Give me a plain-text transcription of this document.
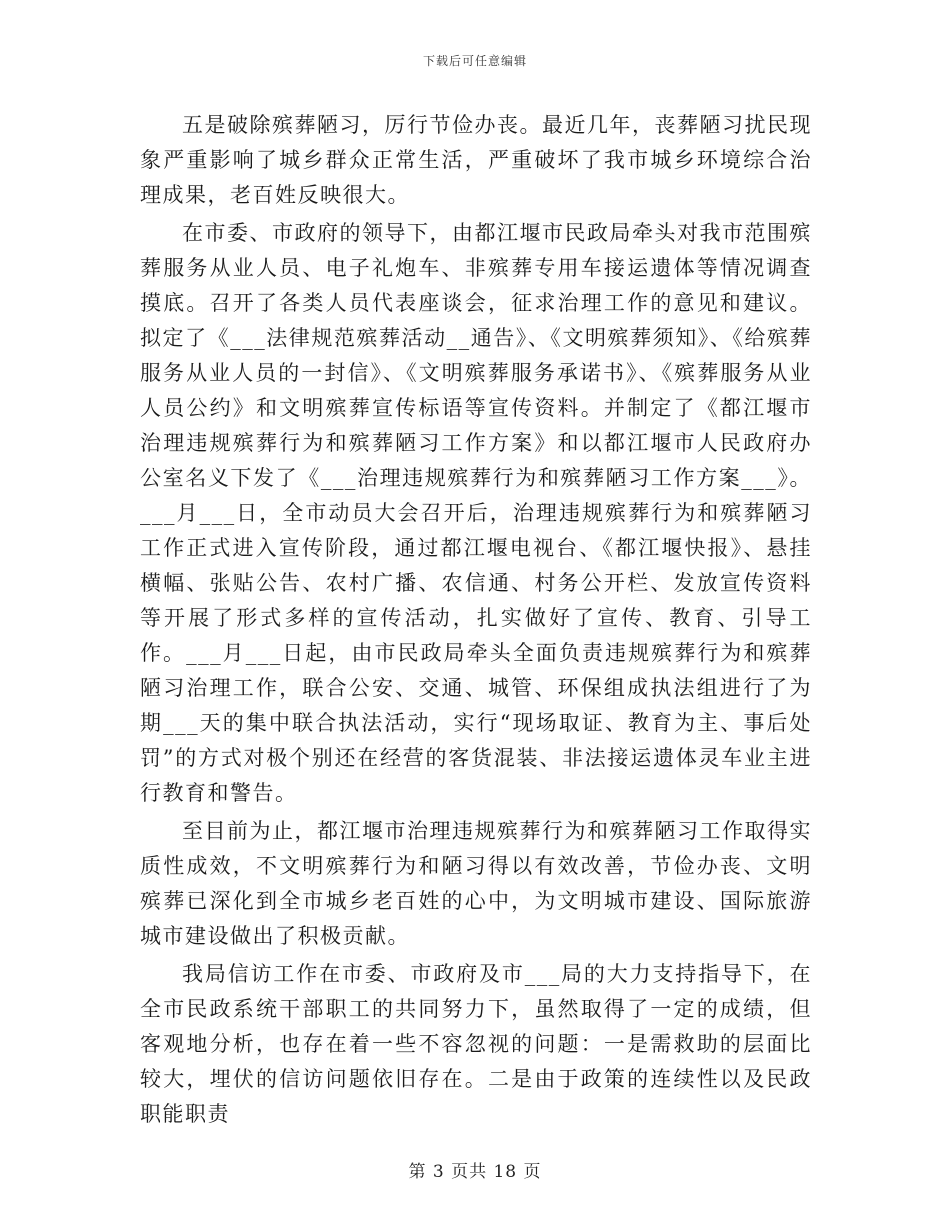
下载后可任意编辑

五是破除殡葬陋习，厉行节俭办丧。最近几年，丧葬陋习扰民现象严重影响了城乡群众正常生活，严重破坏了我市城乡环境综合治理成果，老百姓反映很大。

在市委、市政府的领导下，由都江堰市民政局牵头对我市范围殡葬服务从业人员、电子礼炮车、非殡葬专用车接运遗体等情况调查摸底。召开了各类人员代表座谈会，征求治理工作的意见和建议。拟定了《___法律规范殡葬活动__通告》、《文明殡葬须知》、《给殡葬服务从业人员的一封信》、《文明殡葬服务承诺书》、《殡葬服务从业人员公约》和文明殡葬宣传标语等宣传资料。并制定了《都江堰市治理违规殡葬行为和殡葬陋习工作方案》和以都江堰市人民政府办公室名义下发了《___治理违规殡葬行为和殡葬陋习工作方案___》。___月___日，全市动员大会召开后，治理违规殡葬行为和殡葬陋习工作正式进入宣传阶段，通过都江堰电视台、《都江堰快报》、悬挂横幅、张贴公告、农村广播、农信通、村务公开栏、发放宣传资料等开展了形式多样的宣传活动，扎实做好了宣传、教育、引导工作。___月___日起，由市民政局牵头全面负责违规殡葬行为和殡葬陋习治理工作，联合公安、交通、城管、环保组成执法组进行了为期___天的集中联合执法活动，实行“现场取证、教育为主、事后处罚”的方式对极个别还在经营的客货混装、非法接运遗体灵车业主进行教育和警告。

至目前为止，都江堰市治理违规殡葬行为和殡葬陋习工作取得实质性成效，不文明殡葬行为和陋习得以有效改善，节俭办丧、文明殡葬已深化到全市城乡老百姓的心中，为文明城市建设、国际旅游城市建设做出了积极贡献。

我局信访工作在市委、市政府及市___局的大力支持指导下，在全市民政系统干部职工的共同努力下，虽然取得了一定的成绩，但客观地分析，也存在着一些不容忽视的问题：一是需救助的层面比较大，埋伏的信访问题依旧存在。二是由于政策的连续性以及民政职能职责

第 3 页共 18 页
